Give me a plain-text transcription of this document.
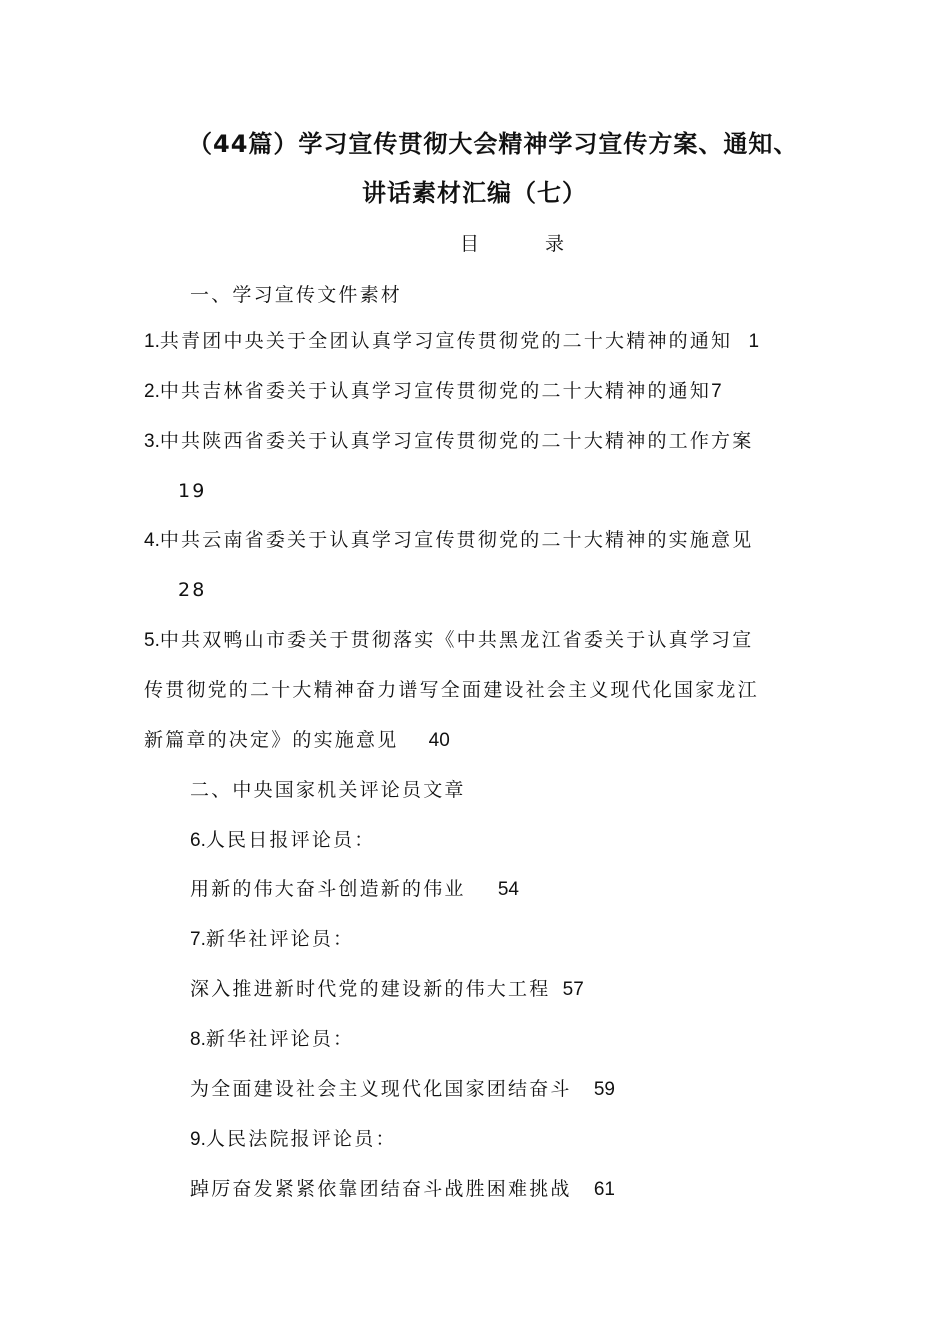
（44篇）学习宣传贯彻大会精神学习宣传方案、通知、
讲话素材汇编（七）
目 录
一、学习宣传文件素材
1.共青团中央关于全团认真学习宣传贯彻党的二十大精神的通知 1
2.中共吉林省委关于认真学习宣传贯彻党的二十大精神的通知7
3.中共陕西省委关于认真学习宣传贯彻党的二十大精神的工作方案
19
4.中共云南省委关于认真学习宣传贯彻党的二十大精神的实施意见
28
5.中共双鸭山市委关于贯彻落实《中共黑龙江省委关于认真学习宣
传贯彻党的二十大精神奋力谱写全面建设社会主义现代化国家龙江
新篇章的决定》的实施意见 40
二、中央国家机关评论员文章
6.人民日报评论员：
用新的伟大奋斗创造新的伟业 54
7.新华社评论员：
深入推进新时代党的建设新的伟大工程 57
8.新华社评论员：
为全面建设社会主义现代化国家团结奋斗 59
9.人民法院报评论员：
踔厉奋发紧紧依靠团结奋斗战胜困难挑战 61
